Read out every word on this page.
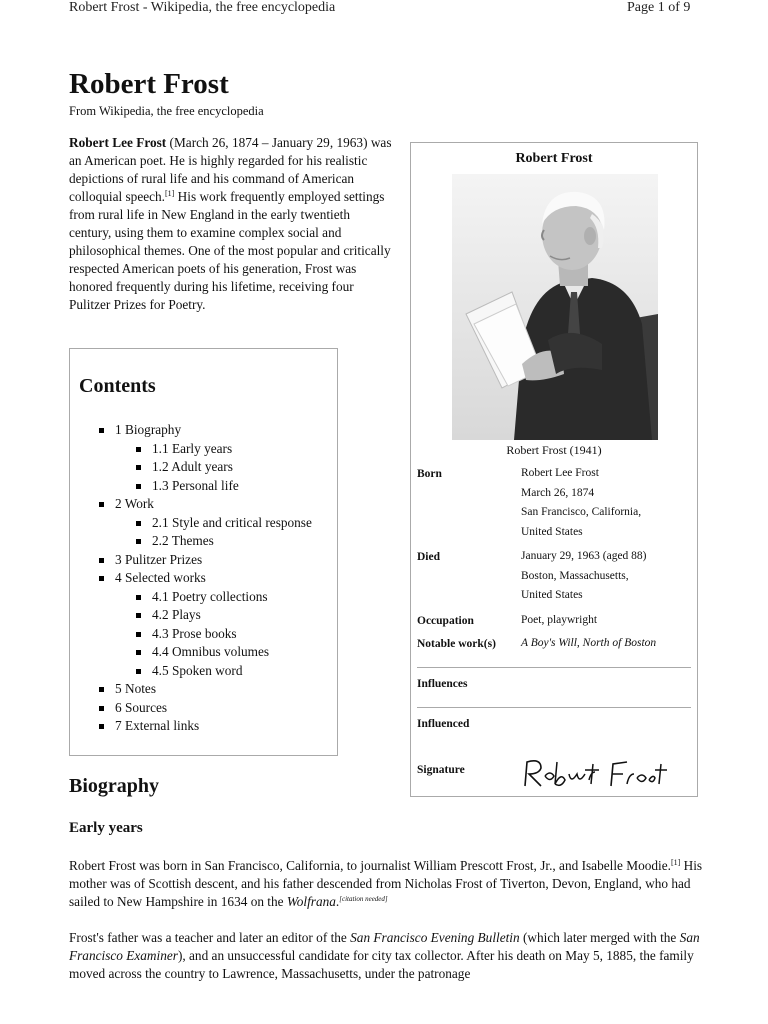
Robert Frost - Wikipedia, the free encyclopedia	Page 1 of 9
Robert Frost
From Wikipedia, the free encyclopedia

Robert Lee Frost (March 26, 1874 – January 29, 1963) was an American poet. He is highly regarded for his realistic depictions of rural life and his command of American colloquial speech.[1] His work frequently employed settings from rural life in New England in the early twentieth century, using them to examine complex social and philosophical themes. One of the most popular and critically respected American poets of his generation, Frost was honored frequently during his lifetime, receiving four Pulitzer Prizes for Poetry.

Contents
1 Biography
1.1 Early years
1.2 Adult years
1.3 Personal life
2 Work
2.1 Style and critical response
2.2 Themes
3 Pulitzer Prizes
4 Selected works
4.1 Poetry collections
4.2 Plays
4.3 Prose books
4.4 Omnibus volumes
4.5 Spoken word
5 Notes
6 Sources
7 External links
Robert Frost
Robert Frost (1941)
Born	Robert Lee Frost
March 26, 1874
San Francisco, California,
United States
Died	January 29, 1963 (aged 88)
Boston, Massachusetts,
United States
Occupation	Poet, playwright
Notable work(s) A Boy's Will, North of Boston
Influences
Influenced
Signature
Biography
Early years

Robert Frost was born in San Francisco, California, to journalist William Prescott Frost, Jr., and Isabelle Moodie.[1] His mother was of Scottish descent, and his father descended from Nicholas Frost of Tiverton, Devon, England, who had sailed to New Hampshire in 1634 on the Wolfrana.[citation needed]

Frost's father was a teacher and later an editor of the San Francisco Evening Bulletin (which later merged with the San Francisco Examiner), and an unsuccessful candidate for city tax collector. After his death on May 5, 1885, the family moved across the country to Lawrence, Massachusetts, under the patronage
